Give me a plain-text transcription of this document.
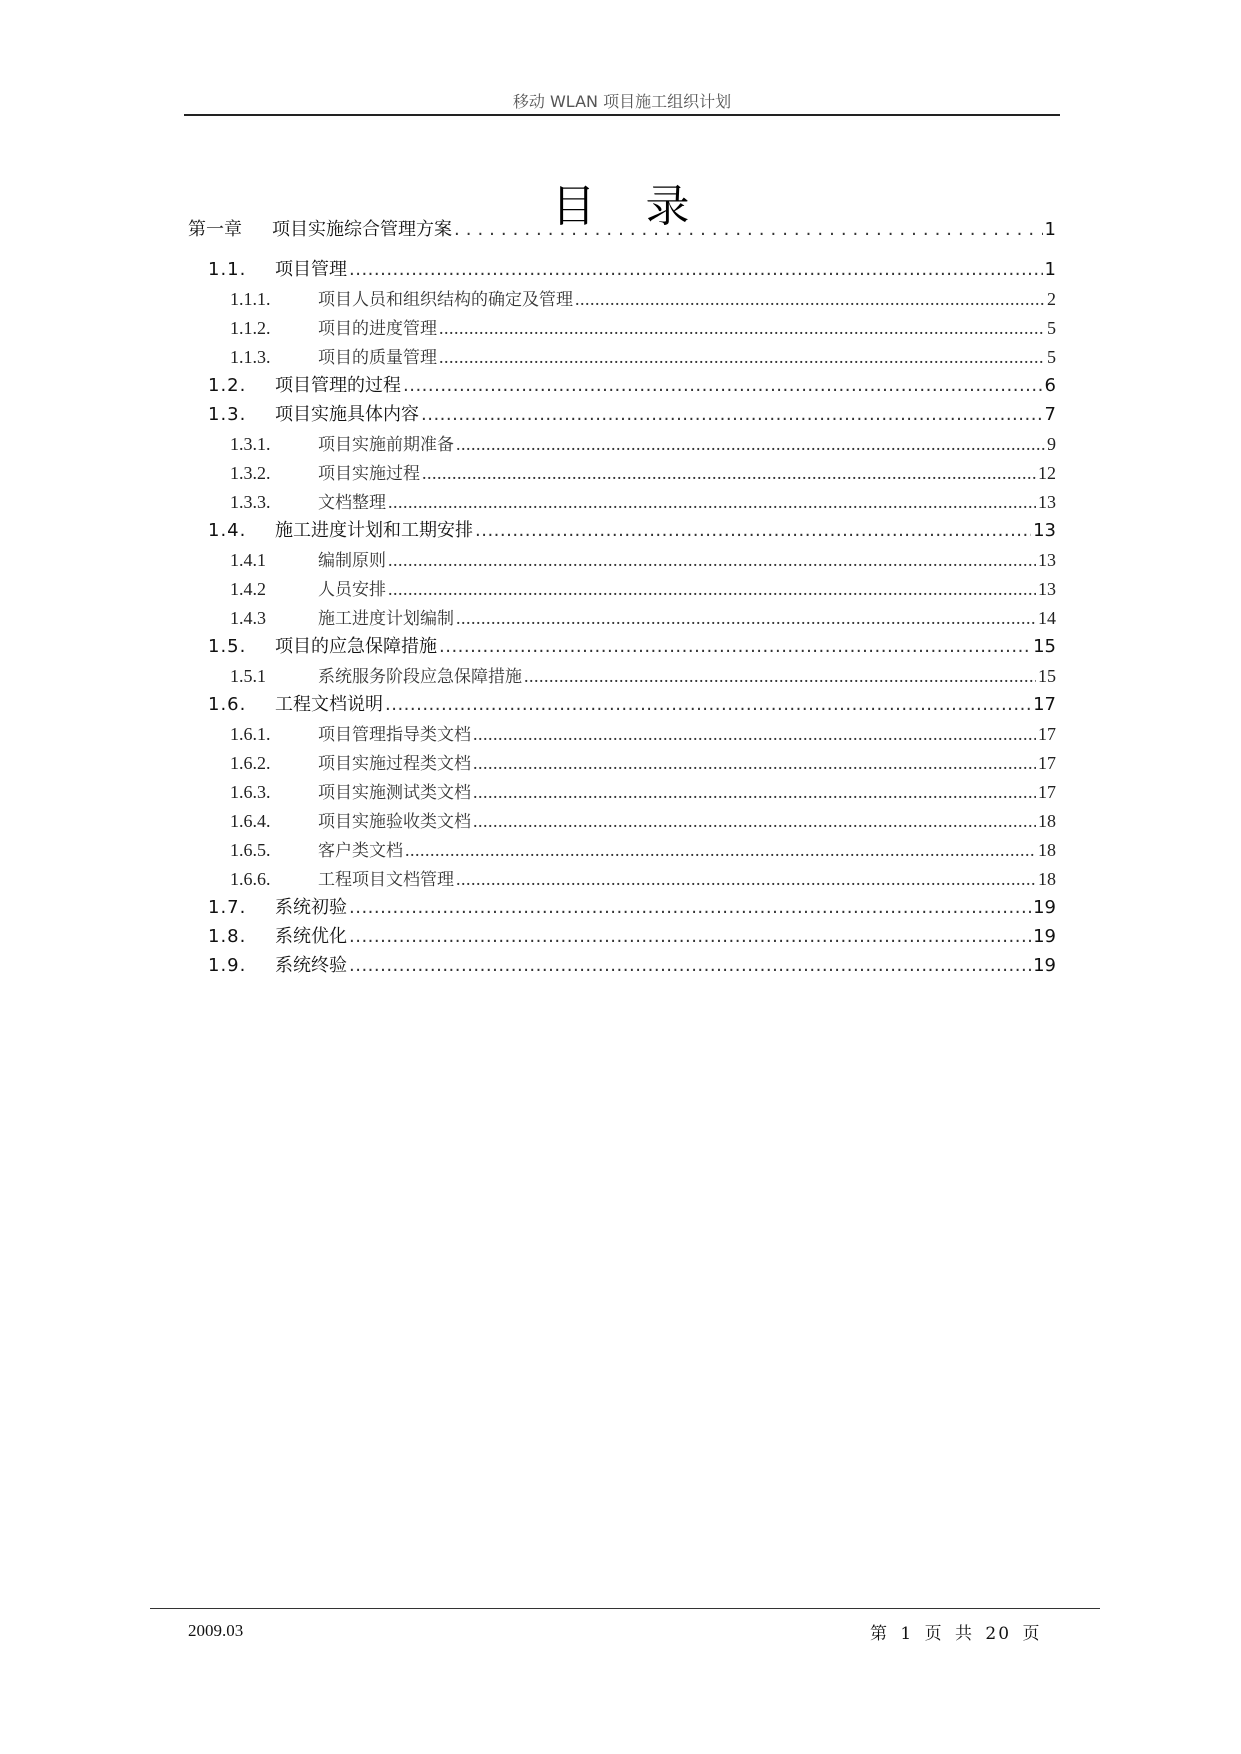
移动 WLAN 项目施工组织计划
目 录
第一章	项目实施综合管理方案 .....	1
1.1.	项目管理 .....	1
1.1.1.	项目人员和组织结构的确定及管理 .....	2
1.1.2.	项目的进度管理 .....	5
1.1.3.	项目的质量管理 .....	5
1.2.	项目管理的过程 .....	6
1.3.	项目实施具体内容 .....	7
1.3.1.	项目实施前期准备 .....	9
1.3.2.	项目实施过程 .....	12
1.3.3.	文档整理 .....	13
1.4.	施工进度计划和工期安排 .....	13
1.4.1	编制原则 .....	13
1.4.2	人员安排 .....	13
1.4.3	施工进度计划编制 .....	14
1.5.	项目的应急保障措施 .....	15
1.5.1	系统服务阶段应急保障措施 .....	15
1.6.	工程文档说明 .....	17
1.6.1.	项目管理指导类文档 .....	17
1.6.2.	项目实施过程类文档 .....	17
1.6.3.	项目实施测试类文档 .....	17
1.6.4.	项目实施验收类文档 .....	18
1.6.5.	客户类文档 .....	18
1.6.6.	工程项目文档管理 .....	18
1.7.	系统初验 .....	19
1.8.	系统优化 .....	19
1.9.	系统终验 .....	19
2009.03	第 1 页 共 20 页
